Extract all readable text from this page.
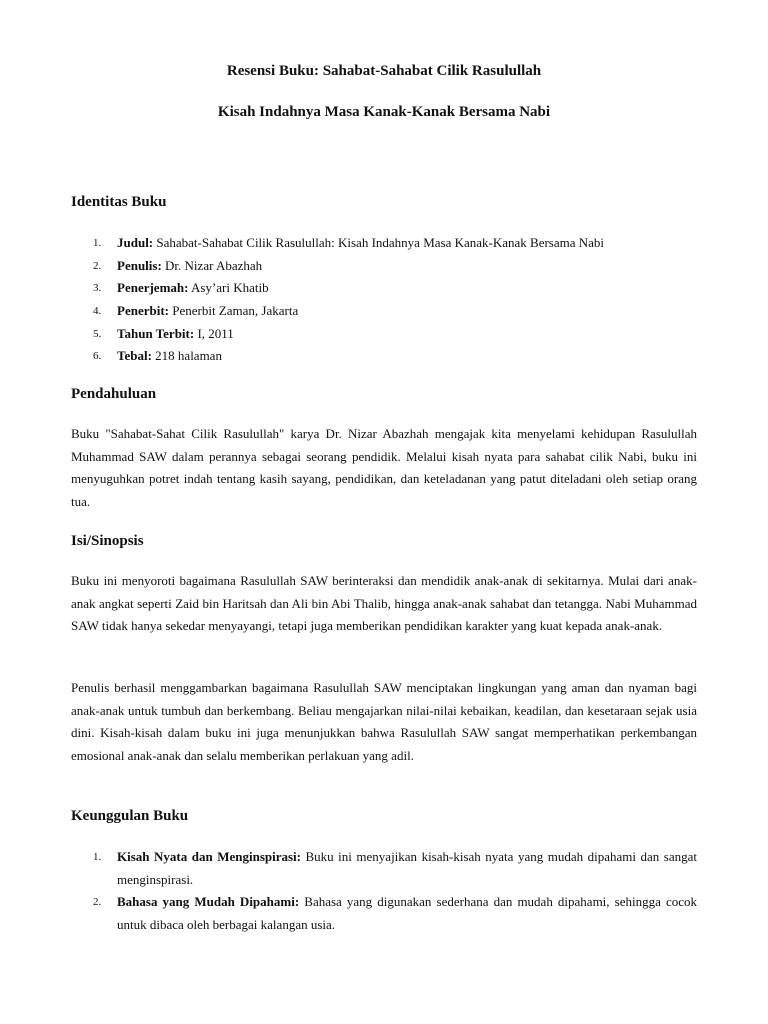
Resensi Buku: Sahabat-Sahabat Cilik Rasulullah

Kisah Indahnya Masa Kanak-Kanak Bersama Nabi

Identitas Buku
1. Judul: Sahabat-Sahabat Cilik Rasulullah: Kisah Indahnya Masa Kanak-Kanak Bersama Nabi
2. Penulis: Dr. Nizar Abazhah
3. Penerjemah: Asy’ari Khatib
4. Penerbit: Penerbit Zaman, Jakarta
5. Tahun Terbit: I, 2011
6. Tebal: 218 halaman
Pendahuluan

Buku "Sahabat-Sahat Cilik Rasulullah" karya Dr. Nizar Abazhah mengajak kita menyelami kehidupan Rasulullah Muhammad SAW dalam perannya sebagai seorang pendidik. Melalui kisah nyata para sahabat cilik Nabi, buku ini menyuguhkan potret indah tentang kasih sayang, pendidikan, dan keteladanan yang patut diteladani oleh setiap orang tua.

Isi/Sinopsis

Buku ini menyoroti bagaimana Rasulullah SAW berinteraksi dan mendidik anak-anak di sekitarnya. Mulai dari anak-anak angkat seperti Zaid bin Haritsah dan Ali bin Abi Thalib, hingga anak-anak sahabat dan tetangga. Nabi Muhammad SAW tidak hanya sekedar menyayangi, tetapi juga memberikan pendidikan karakter yang kuat kepada anak-anak.

Penulis berhasil menggambarkan bagaimana Rasulullah SAW menciptakan lingkungan yang aman dan nyaman bagi anak-anak untuk tumbuh dan berkembang. Beliau mengajarkan nilai-nilai kebaikan, keadilan, dan kesetaraan sejak usia dini. Kisah-kisah dalam buku ini juga menunjukkan bahwa Rasulullah SAW sangat memperhatikan perkembangan emosional anak-anak dan selalu memberikan perlakuan yang adil.

Keunggulan Buku
1. Kisah Nyata dan Menginspirasi: Buku ini menyajikan kisah-kisah nyata yang mudah dipahami dan sangat menginspirasi.
2. Bahasa yang Mudah Dipahami: Bahasa yang digunakan sederhana dan mudah dipahami, sehingga cocok untuk dibaca oleh berbagai kalangan usia.
